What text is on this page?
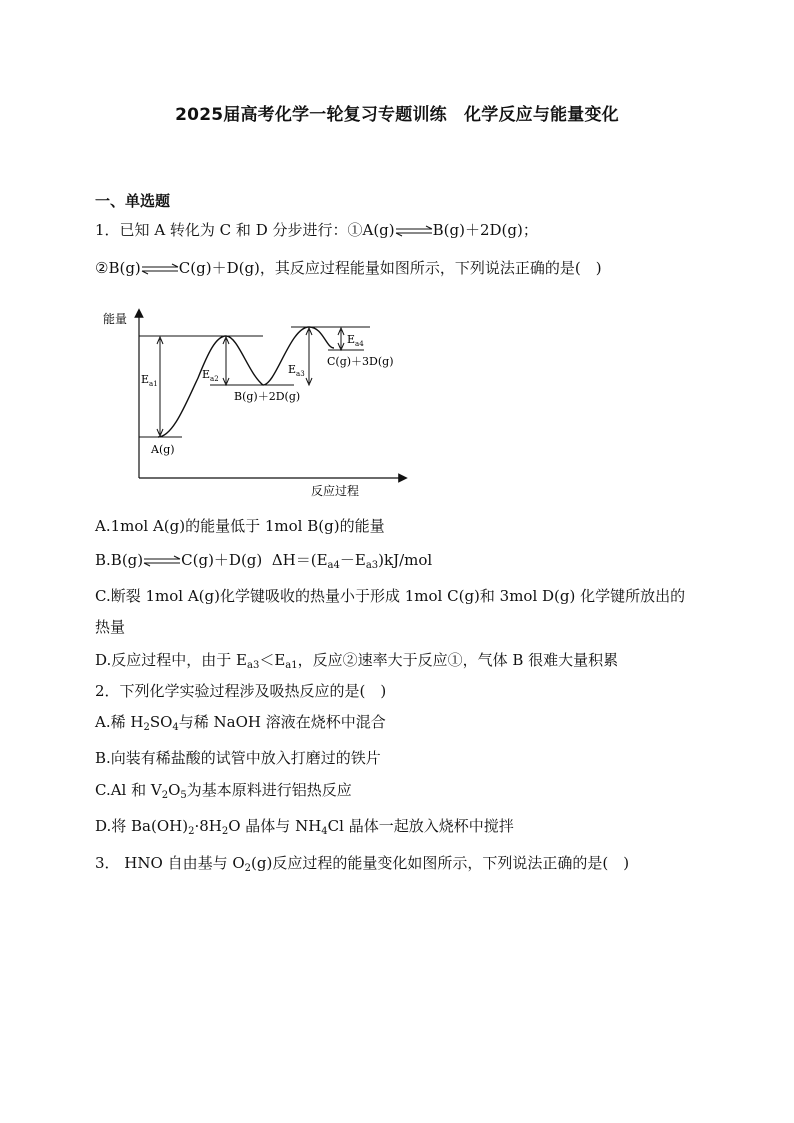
2025届高考化学一轮复习专题训练　化学反应与能量变化
一、单选题
1．已知 A 转化为 C 和 D 分步进行：①A(g)⇌B(g)＋2D(g)；
②B(g)⇌C(g)＋D(g)，其反应过程能量如图所示，下列说法正确的是(　)
能量
反应过程
$E_{a1}$
$E_{a2}$
$E_{a3}$
$E_{a4}$
A(g)
B(g)＋2D(g)
C(g)＋3D(g)
A.1mol A(g)的能量低于 1mol B(g)的能量
B.B(g)⇌C(g)＋D(g) $\Delta H=(E_{a4}-E_{a3})kJ$/mol
C.断裂 1mol A(g)化学键吸收的热量小于形成 1mol C(g)和 3mol D(g) 化学键所放出的
热量
D.反应过程中，由于 $E_{a3}<E_{a1}$，反应②速率大于反应①，气体 B 很难大量积累
2．下列化学实验过程涉及吸热反应的是(　)
A.稀 $H_2SO_4$与稀 NaOH 溶液在烧杯中混合
B.向装有稀盐酸的试管中放入打磨过的铁片
C.Al 和 $V_2O_5$为基本原料进行铝热反应
D.将 $Ba(OH)_2\cdot 8H_2O$ 晶体与 $NH_4Cl$ 晶体一起放入烧杯中搅拌
3． HNO 自由基与 $O_2(g)$反应过程的能量变化如图所示，下列说法正确的是(　)
